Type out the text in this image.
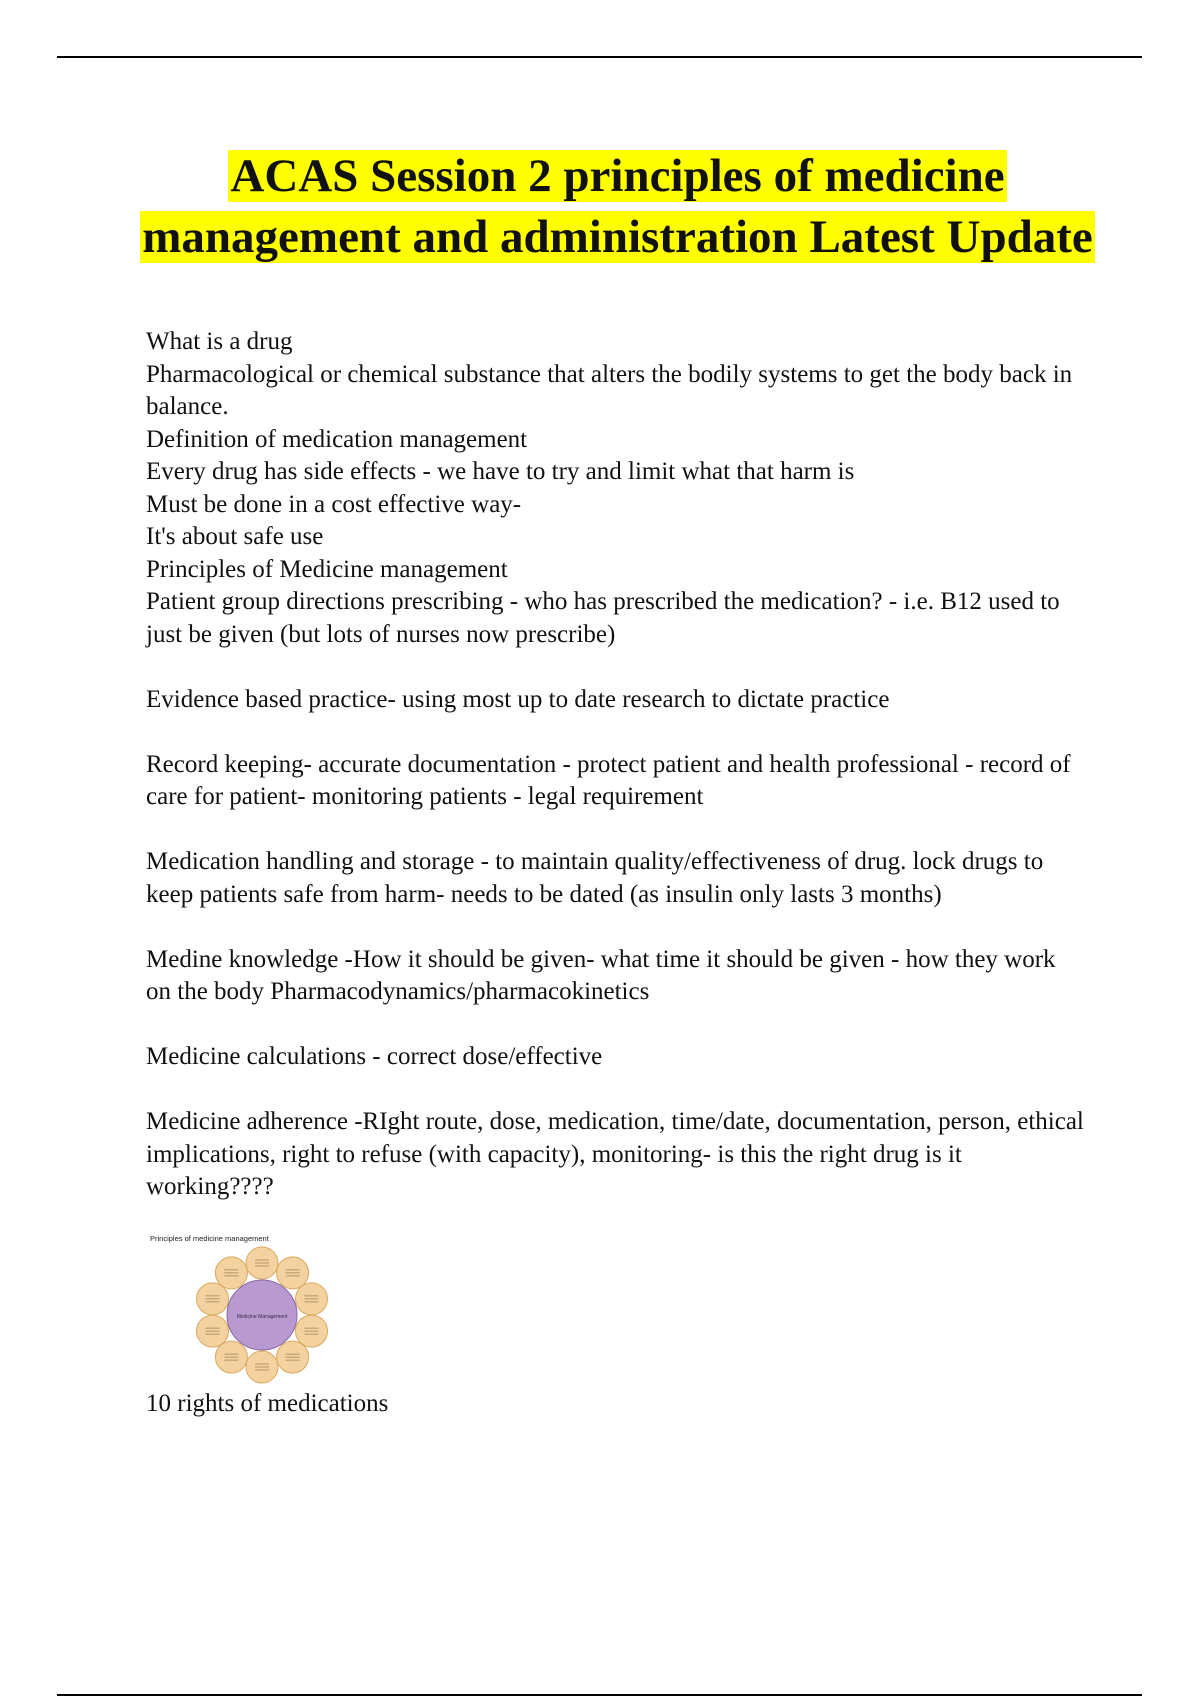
ACAS Session 2 principles of medicine management and administration Latest Update

What is a drug

Pharmacological or chemical substance that alters the bodily systems to get the body back in balance.

Definition of medication management

Every drug has side effects - we have to try and limit what that harm is

Must be done in a cost effective way-

It's about safe use

Principles of Medicine management

Patient group directions prescribing - who has prescribed the medication? - i.e. B12 used to just be given (but lots of nurses now prescribe)

Evidence based practice- using most up to date research to dictate practice

Record keeping- accurate documentation - protect patient and health professional - record of care for patient- monitoring patients - legal requirement

Medication handling and storage - to maintain quality/effectiveness of drug. lock drugs to keep patients safe from harm- needs to be dated (as insulin only lasts 3 months)

Medine knowledge -How it should be given- what time it should be given - how they work on the body Pharmacodynamics/pharmacokinetics

Medicine calculations - correct dose/effective

Medicine adherence -RIght route, dose, medication, time/date, documentation, person, ethical implications, right to refuse (with capacity), monitoring- is this the right drug is it working????

Principles of medicine management
Medicine Management

10 rights of medications
